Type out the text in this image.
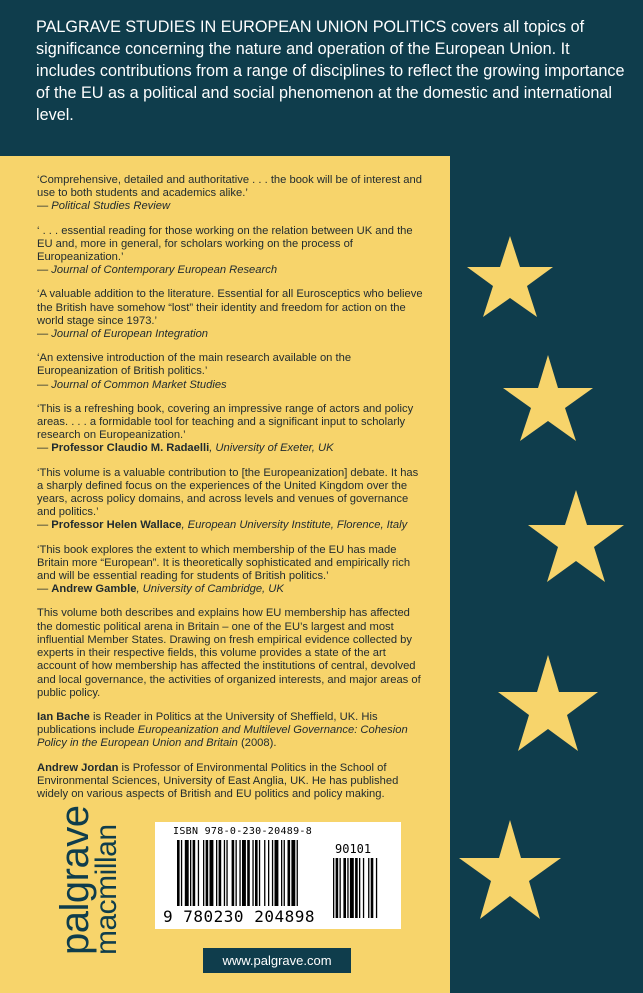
PALGRAVE STUDIES IN EUROPEAN UNION POLITICS covers all topics of significance concerning the nature and operation of the European Union. It includes contributions from a range of disciplines to reflect the growing importance of the EU as a political and social phenomenon at the domestic and international level.

‘Comprehensive, detailed and authoritative . . . the book will be of interest and use to both students and academics alike.’

— Political Studies Review

‘ . . . essential reading for those working on the relation between UK and the EU and, more in general, for scholars working on the process of Europeanization.’

— Journal of Contemporary European Research

‘A valuable addition to the literature. Essential for all Eurosceptics who believe the British have somehow “lost” their identity and freedom for action on the world stage since 1973.’

— Journal of European Integration

‘An extensive introduction of the main research available on the Europeanization of British politics.’

— Journal of Common Market Studies

‘This is a refreshing book, covering an impressive range of actors and policy areas. . . . a formidable tool for teaching and a significant input to scholarly research on Europeanization.’

— Professor Claudio M. Radaelli, University of Exeter, UK

‘This volume is a valuable contribution to [the Europeanization] debate. It has a sharply defined focus on the experiences of the United Kingdom over the years, across policy domains, and across levels and venues of governance and politics.’

— Professor Helen Wallace, European University Institute, Florence, Italy

‘This book explores the extent to which membership of the EU has made Britain more “European”. It is theoretically sophisticated and empirically rich and will be essential reading for students of British politics.’

— Andrew Gamble, University of Cambridge, UK

This volume both describes and explains how EU membership has affected the domestic political arena in Britain – one of the EU’s largest and most influential Member States. Drawing on fresh empirical evidence collected by experts in their respective fields, this volume provides a state of the art account of how membership has affected the institutions of central, devolved and local governance, the activities of organized interests, and major areas of public policy.

Ian Bache is Reader in Politics at the University of Sheffield, UK. His publications include Europeanization and Multilevel Governance: Cohesion Policy in the European Union and Britain (2008).

Andrew Jordan is Professor of Environmental Politics in the School of Environmental Sciences, University of East Anglia, UK. He has published widely on various aspects of British and EU politics and policy making.

palgrave
macmillan	ISBN 978-0-230-20489-8
90101
9 780230 204898
www.palgrave.com
